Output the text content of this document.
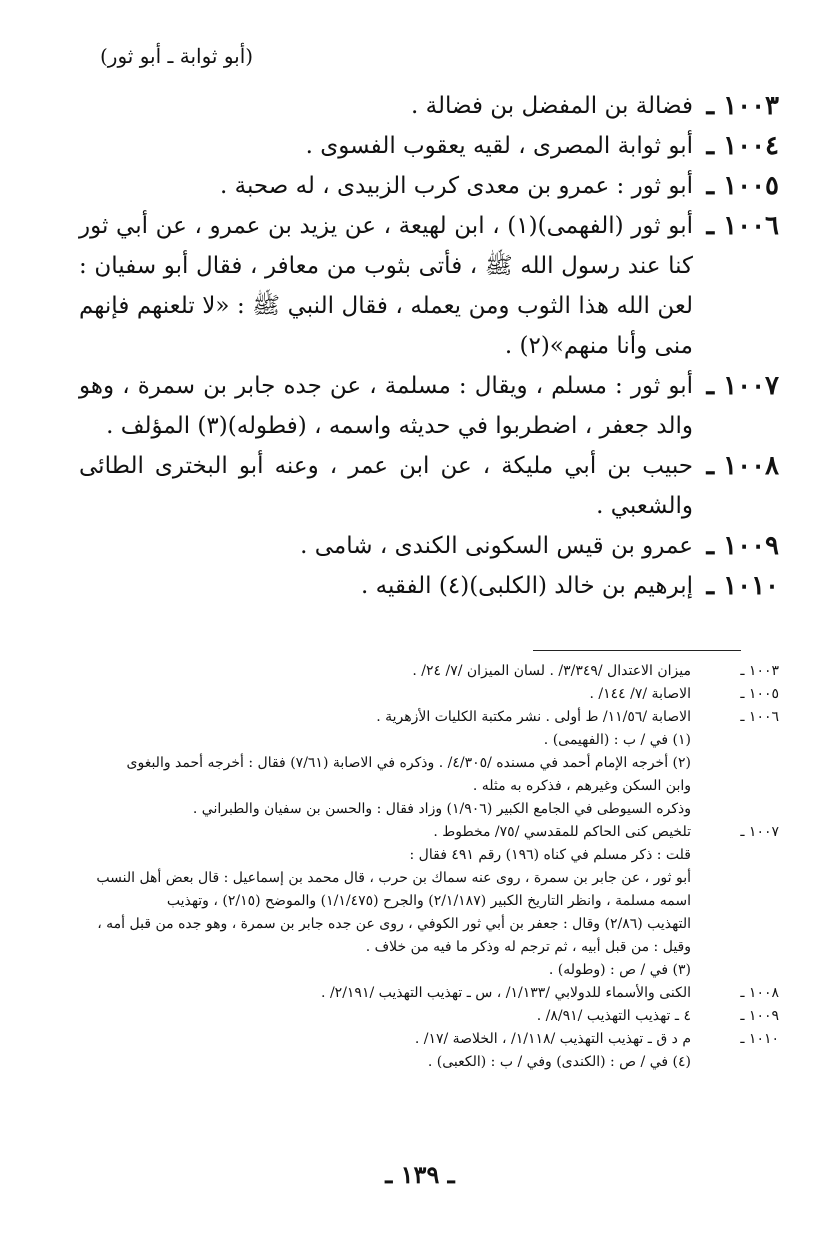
(أبو ثوابة ـ أبو ثور)
١٠٠٣ ـ
فضالة بن المفضل بن فضالة .
١٠٠٤ ـ
أبو ثوابة المصرى ، لقيه يعقوب الفسوى .
١٠٠٥ ـ
أبو ثور : عمرو بن معدى كرب الزبيدى ، له صحبة .
١٠٠٦ ـ
أبو ثور (الفهمى)(١) ، ابن لهيعة ، عن يزيد بن عمرو ، عن أبي ثور كنا عند رسول الله ﷺ ، فأتى بثوب من معافر ، فقال أبو سفيان : لعن الله هذا الثوب ومن يعمله ، فقال النبي ﷺ : «لا تلعنهم فإنهم منى وأنا منهم»(٢) .
١٠٠٧ ـ
أبو ثور : مسلم ، ويقال : مسلمة ، عن جده جابر بن سمرة ، وهو والد جعفر ، اضطربوا في حديثه واسمه ، (فطوله)(٣) المؤلف .
١٠٠٨ ـ
حبيب بن أبي مليكة ، عن ابن عمر ، وعنه أبو البخترى الطائى والشعبي .
١٠٠٩ ـ
عمرو بن قيس السكونى الكندى ، شامى .
١٠١٠ ـ
إبرهيم بن خالد (الكلبى)(٤) الفقيه .
١٠٠٣ ـ
ميزان الاعتدال /٣/٣٤٩/ . لسان الميزان /٧/ ٢٤/ .
١٠٠٥ ـ
الاصابة /٧/ ١٤٤/ .
١٠٠٦ ـ
الاصابة /١١/٥٦/ ط أولى . نشر مكتبة الكليات الأزهرية .
(١) في / ب : (الفهيمى) .
(٢) أخرجه الإمام أحمد في مسنده /٤/٣٠٥/ . وذكره في الاصابة (٧/٦١) فقال : أخرجه أحمد والبغوى
وابن السكن وغيرهم ، فذكره به مثله .
وذكره السيوطى في الجامع الكبير (١/٩٠٦) وزاد فقال : والحسن بن سفيان والطبراني .
١٠٠٧ ـ
تلخيص كنى الحاكم للمقدسي /٧٥/ مخطوط .
قلت : ذكر مسلم في كناه (١٩٦) رقم ٤٩١ فقال :
أبو ثور ، عن جابر بن سمرة ، روى عنه سماك بن حرب ، قال محمد بن إسماعيل : قال بعض أهل النسب
اسمه مسلمة ، وانظر التاريخ الكبير (٢/١/١٨٧) والجرح (١/١/٤٧٥) والموضح (٢/١٥) ، وتهذيب
التهذيب (٢/٨٦) وقال : جعفر بن أبي ثور الكوفي ، روى عن جده جابر بن سمرة ، وهو جده من قبل أمه ،
وقيل : من قبل أبيه ، ثم ترجم له وذكر ما فيه من خلاف .
(٣) في / ص : (وطوله) .
١٠٠٨ ـ
الكنى والأسماء للدولابي /١/١٣٣/ ، س ـ تهذيب التهذيب /٢/١٩١/ .
١٠٠٩ ـ
٤ ـ تهذيب التهذيب /٨/٩١/ .
١٠١٠ ـ
م د ق ـ تهذيب التهذيب /١/١١٨/ ، الخلاصة /١٧/ .
(٤) في / ص : (الكندى) وفي / ب : (الكعبى) .
ـ ١٣٩ ـ
